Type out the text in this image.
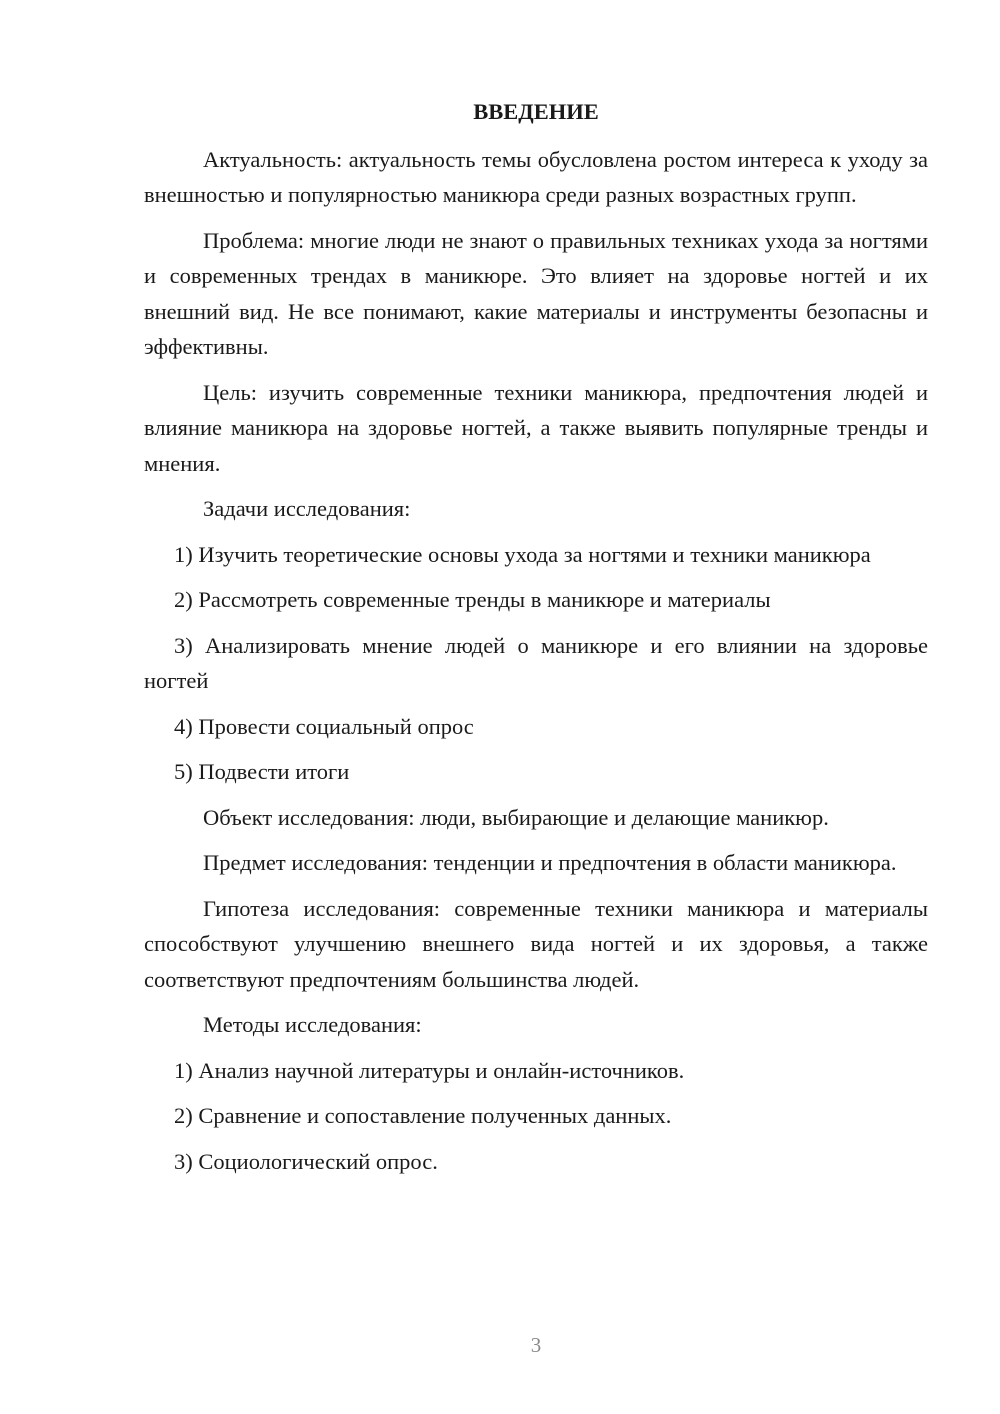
ВВЕДЕНИЕ

Актуальность: актуальность темы обусловлена ростом интереса к уходу за внешностью и популярностью маникюра среди разных возрастных групп.

Проблема: многие люди не знают о правильных техниках ухода за ногтями и современных трендах в маникюре. Это влияет на здоровье ногтей и их внешний вид. Не все понимают, какие материалы и инструменты безопасны и эффективны.

Цель: изучить современные техники маникюра, предпочтения людей и влияние маникюра на здоровье ногтей, а также выявить популярные тренды и мнения.

Задачи исследования:

1) Изучить теоретические основы ухода за ногтями и техники маникюра

2) Рассмотреть современные тренды в маникюре и материалы

3) Анализировать мнение людей о маникюре и его влиянии на здоровье ногтей

4) Провести социальный опрос

5) Подвести итоги

Объект исследования: люди, выбирающие и делающие маникюр.

Предмет исследования: тенденции и предпочтения в области маникюра.

Гипотеза исследования: современные техники маникюра и материалы способствуют улучшению внешнего вида ногтей и их здоровья, а также соответствуют предпочтениям большинства людей.

Методы исследования:

1) Анализ научной литературы и онлайн-источников.

2) Сравнение и сопоставление полученных данных.

3) Социологический опрос.

3
